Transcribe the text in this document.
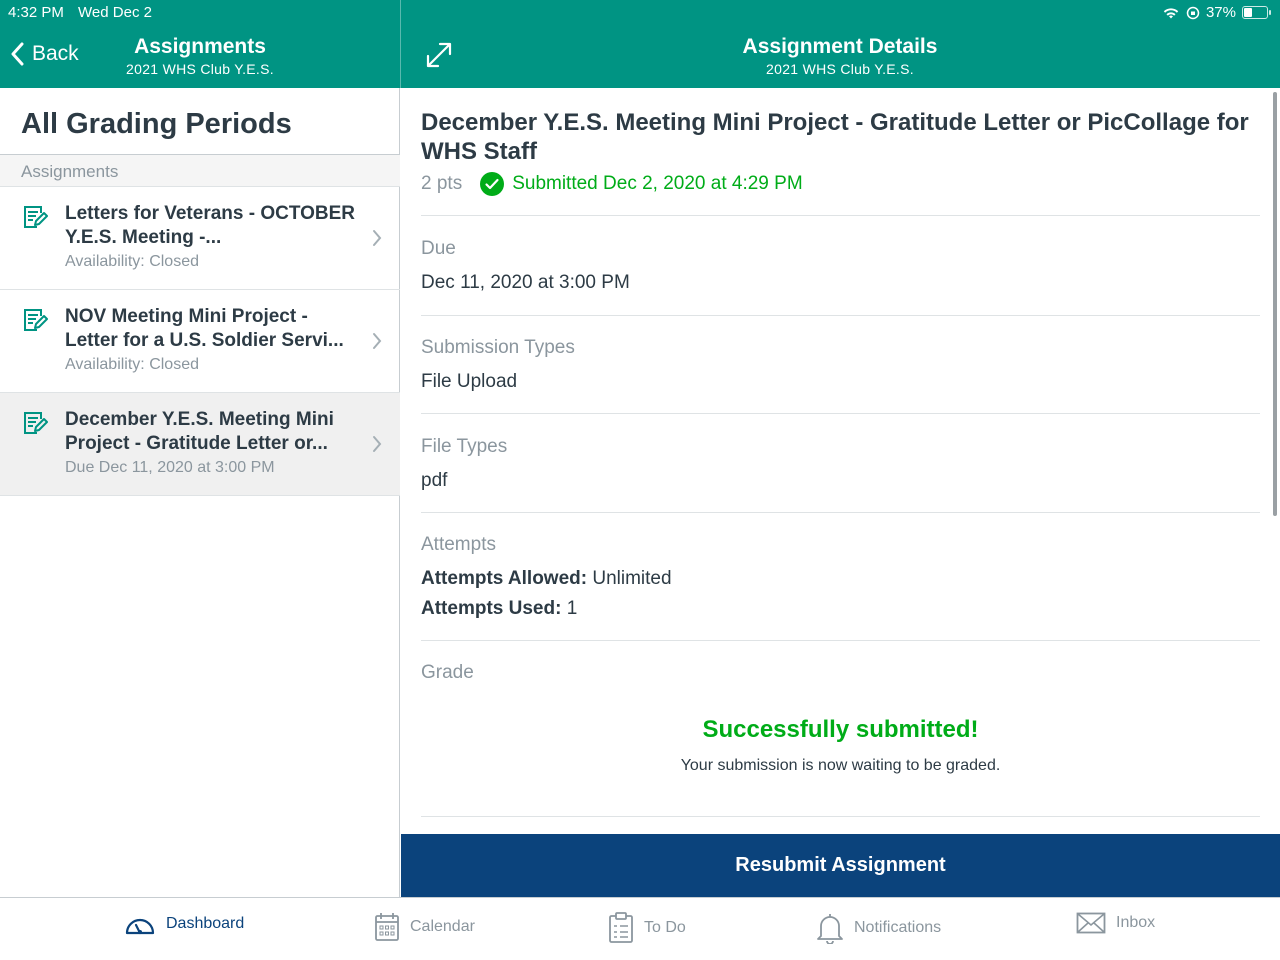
4:32 PM Wed Dec 2	37%
Back	Assignments
2021 WHS Club Y.E.S.
Assignment Details
2021 WHS Club Y.E.S.
All Grading Periods
Assignments
Letters for Veterans - OCTOBER Y.E.S. Meeting -...
Availability: Closed
NOV Meeting Mini Project - Letter for a U.S. Soldier Servi...
Availability: Closed
December Y.E.S. Meeting Mini Project - Gratitude Letter or...
Due Dec 11, 2020 at 3:00 PM
December Y.E.S. Meeting Mini Project - Gratitude Letter or PicCollage for WHS Staff
2 pts	Submitted Dec 2, 2020 at 4:29 PM
Due
Dec 11, 2020 at 3:00 PM
Submission Types
File Upload
File Types
pdf
Attempts
Attempts Allowed: Unlimited
Attempts Used: 1
Grade
Successfully submitted!
Your submission is now waiting to be graded.
Resubmit Assignment
Dashboard	Calendar	To Do	Notifications	Inbox
